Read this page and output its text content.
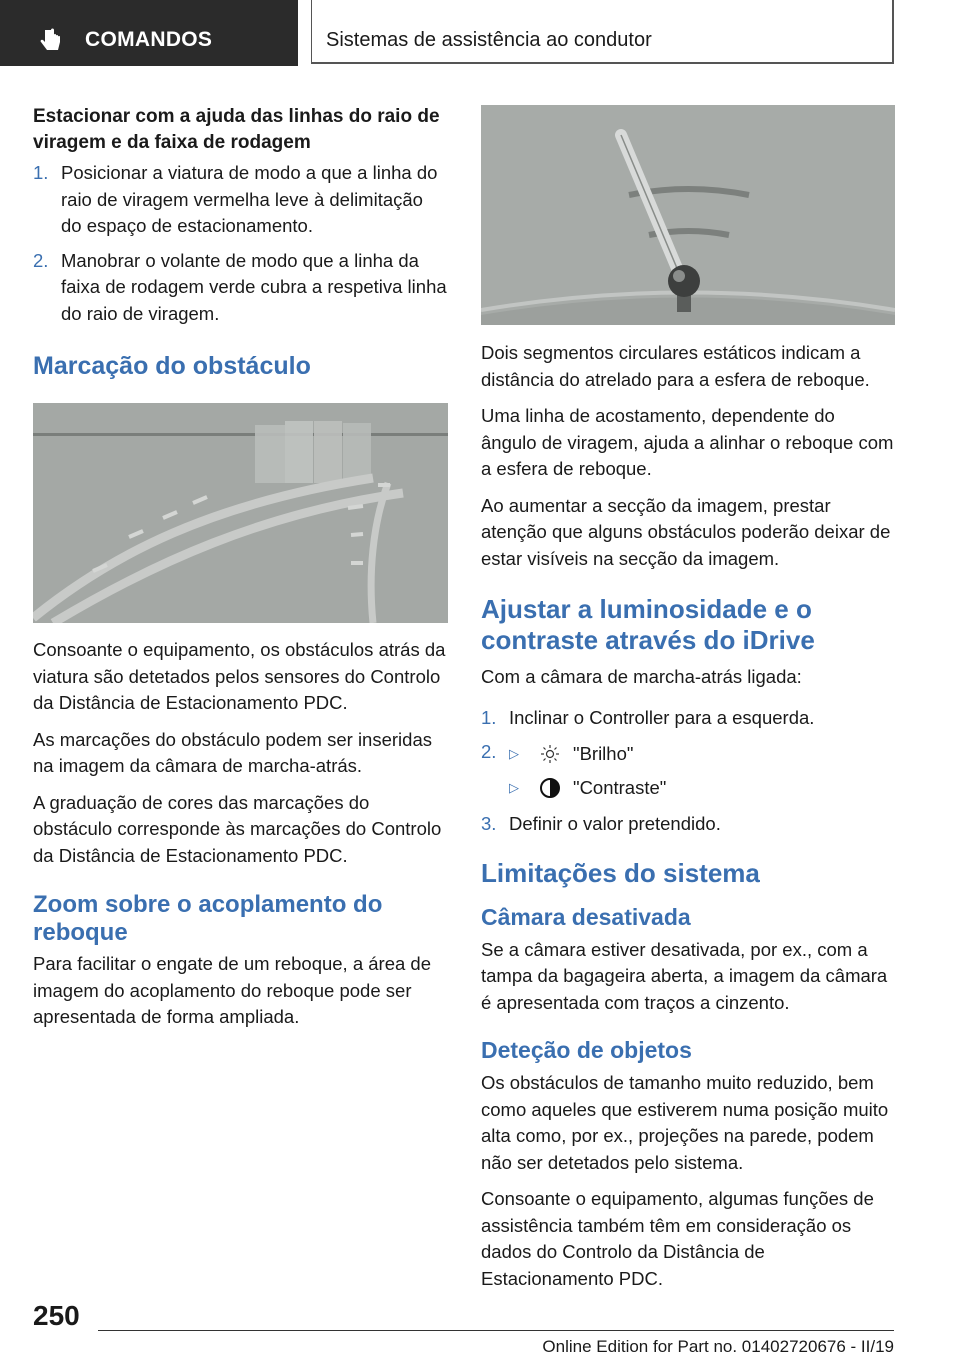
COMANDOS	Sistemas de assistência ao condutor
Estacionar com a ajuda das linhas do raio de viragem e da faixa de rodagem
1. Posicionar a viatura de modo a que a linha do raio de viragem vermelha leve à delimitação do espaço de estacionamento.
2. Manobrar o volante de modo que a linha da faixa de rodagem verde cubra a respetiva linha do raio de viragem.
Marcação do obstáculo

Consoante o equipamento, os obstáculos atrás da viatura são detetados pelos sensores do Controlo da Distância de Estacionamento PDC.

As marcações do obstáculo podem ser inseridas na imagem da câmara de marcha-atrás.

A graduação de cores das marcações do obstáculo corresponde às marcações do Controlo da Distância de Estacionamento PDC.

Zoom sobre o acoplamento do reboque

Para facilitar o engate de um reboque, a área de imagem do acoplamento do reboque pode ser apresentada de forma ampliada.

Dois segmentos circulares estáticos indicam a distância do atrelado para a esfera de reboque.

Uma linha de acostamento, dependente do ângulo de viragem, ajuda a alinhar o reboque com a esfera de reboque.

Ao aumentar a secção da imagem, prestar atenção que alguns obstáculos poderão deixar de estar visíveis na secção da imagem.

Ajustar a luminosidade e o contraste através do iDrive

Com a câmara de marcha-atrás ligada:

1. Inclinar o Controller para a esquerda.
2. ▷	"Brilho"
▷	"Contraste"
3. Definir o valor pretendido.
Limitações do sistema
Câmara desativada

Se a câmara estiver desativada, por ex., com a tampa da bagageira aberta, a imagem da câmara é apresentada com traços a cinzento.

Deteção de objetos

Os obstáculos de tamanho muito reduzido, bem como aqueles que estiverem numa posição muito alta como, por ex., projeções na parede, podem não ser detetados pelo sistema.

Consoante o equipamento, algumas funções de assistência também têm em consideração os dados do Controlo da Distância de Estacionamento PDC.

250
Online Edition for Part no. 01402720676 - II/19
